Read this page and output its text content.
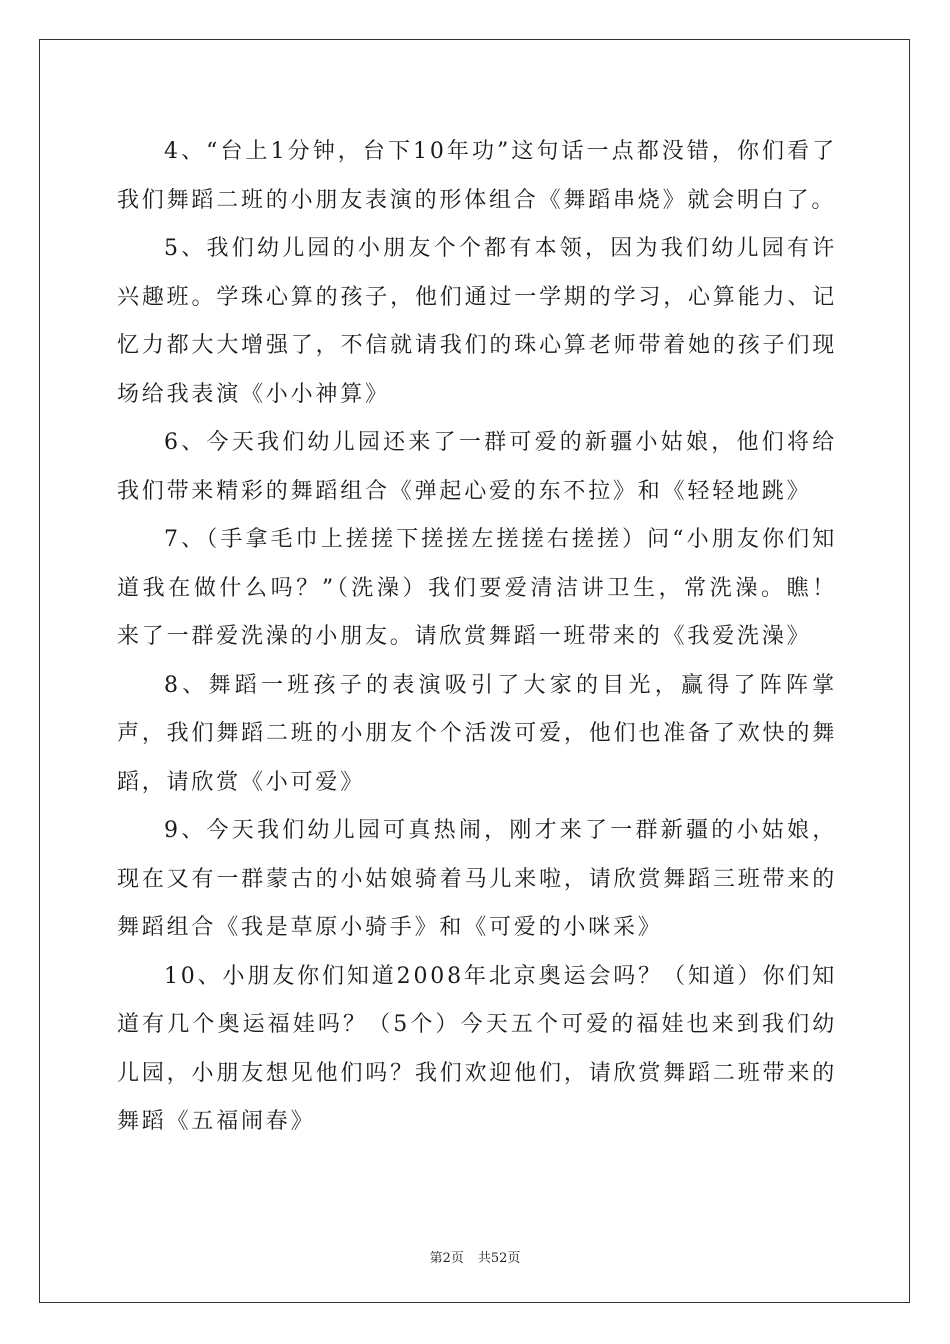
4、“台上1分钟，台下10年功”这句话一点都没错，你们看了我们舞蹈二班的小朋友表演的形体组合《舞蹈串烧》就会明白了。

5、我们幼儿园的小朋友个个都有本领，因为我们幼儿园有许兴趣班。学珠心算的孩子，他们通过一学期的学习，心算能力、记忆力都大大增强了，不信就请我们的珠心算老师带着她的孩子们现场给我表演《小小神算》

6、今天我们幼儿园还来了一群可爱的新疆小姑娘，他们将给我们带来精彩的舞蹈组合《弹起心爱的东不拉》和《轻轻地跳》

7、（手拿毛巾上搓搓下搓搓左搓搓右搓搓）问“小朋友你们知道我在做什么吗？”（洗澡）我们要爱清洁讲卫生，常洗澡。瞧！来了一群爱洗澡的小朋友。请欣赏舞蹈一班带来的《我爱洗澡》

8、舞蹈一班孩子的表演吸引了大家的目光，赢得了阵阵掌声，我们舞蹈二班的小朋友个个活泼可爱，他们也准备了欢快的舞蹈，请欣赏《小可爱》

9、今天我们幼儿园可真热闹，刚才来了一群新疆的小姑娘，现在又有一群蒙古的小姑娘骑着马儿来啦，请欣赏舞蹈三班带来的舞蹈组合《我是草原小骑手》和《可爱的小咪采》

10、小朋友你们知道2008年北京奥运会吗？（知道）你们知道有几个奥运福娃吗？（5个）今天五个可爱的福娃也来到我们幼儿园，小朋友想见他们吗？我们欢迎他们，请欣赏舞蹈二班带来的舞蹈《五福闹春》

第2页 共52页
